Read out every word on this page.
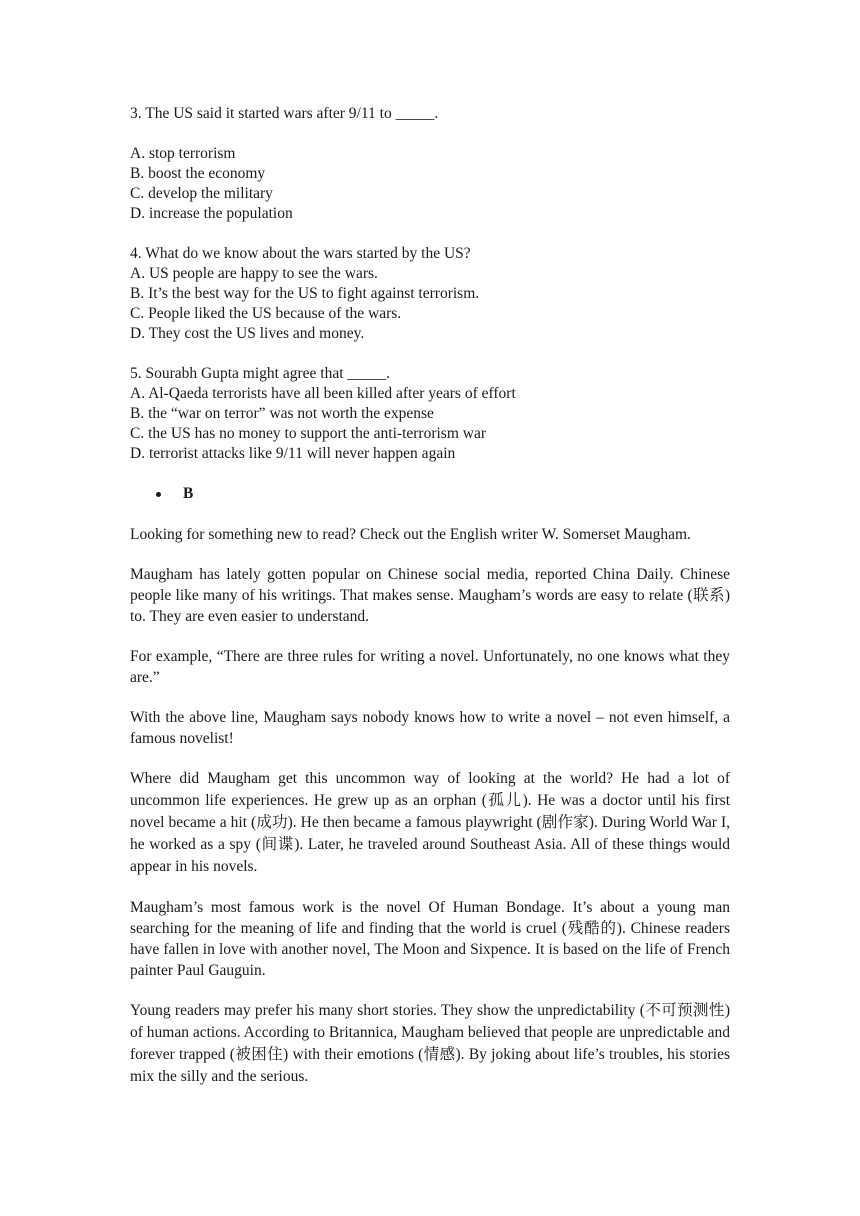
3. The US said it started wars after 9/11 to _____.
A. stop terrorism
B. boost the economy
C. develop the military
D. increase the population
4. What do we know about the wars started by the US?
A. US people are happy to see the wars.
B. It’s the best way for the US to fight against terrorism.
C. People liked the US because of the wars.
D. They cost the US lives and money.
5. Sourabh Gupta might agree that _____.
A. Al-Qaeda terrorists have all been killed after years of effort
B. the “war on terror” was not worth the expense
C. the US has no money to support the anti-terrorism war
D. terrorist attacks like 9/11 will never happen again
B

Looking for something new to read? Check out the English writer W. Somerset Maugham.

Maugham has lately gotten popular on Chinese social media, reported China Daily. Chinese people like many of his writings. That makes sense. Maugham’s words are easy to relate (联系) to. They are even easier to understand.

For example, “There are three rules for writing a novel. Unfortunately, no one knows what they are.”

With the above line, Maugham says nobody knows how to write a novel – not even himself, a famous novelist!

Where did Maugham get this uncommon way of looking at the world? He had a lot of uncommon life experiences. He grew up as an orphan (孤儿). He was a doctor until his first novel became a hit (成功). He then became a famous playwright (剧作家). During World War I, he worked as a spy (间谍). Later, he traveled around Southeast Asia. All of these things would appear in his novels.

Maugham’s most famous work is the novel Of Human Bondage. It’s about a young man searching for the meaning of life and finding that the world is cruel (残酷的). Chinese readers have fallen in love with another novel, The Moon and Sixpence. It is based on the life of French painter Paul Gauguin.

Young readers may prefer his many short stories. They show the unpredictability (不可预测性) of human actions. According to Britannica, Maugham believed that people are unpredictable and forever trapped (被困住) with their emotions (情感). By joking about life’s troubles, his stories mix the silly and the serious.
